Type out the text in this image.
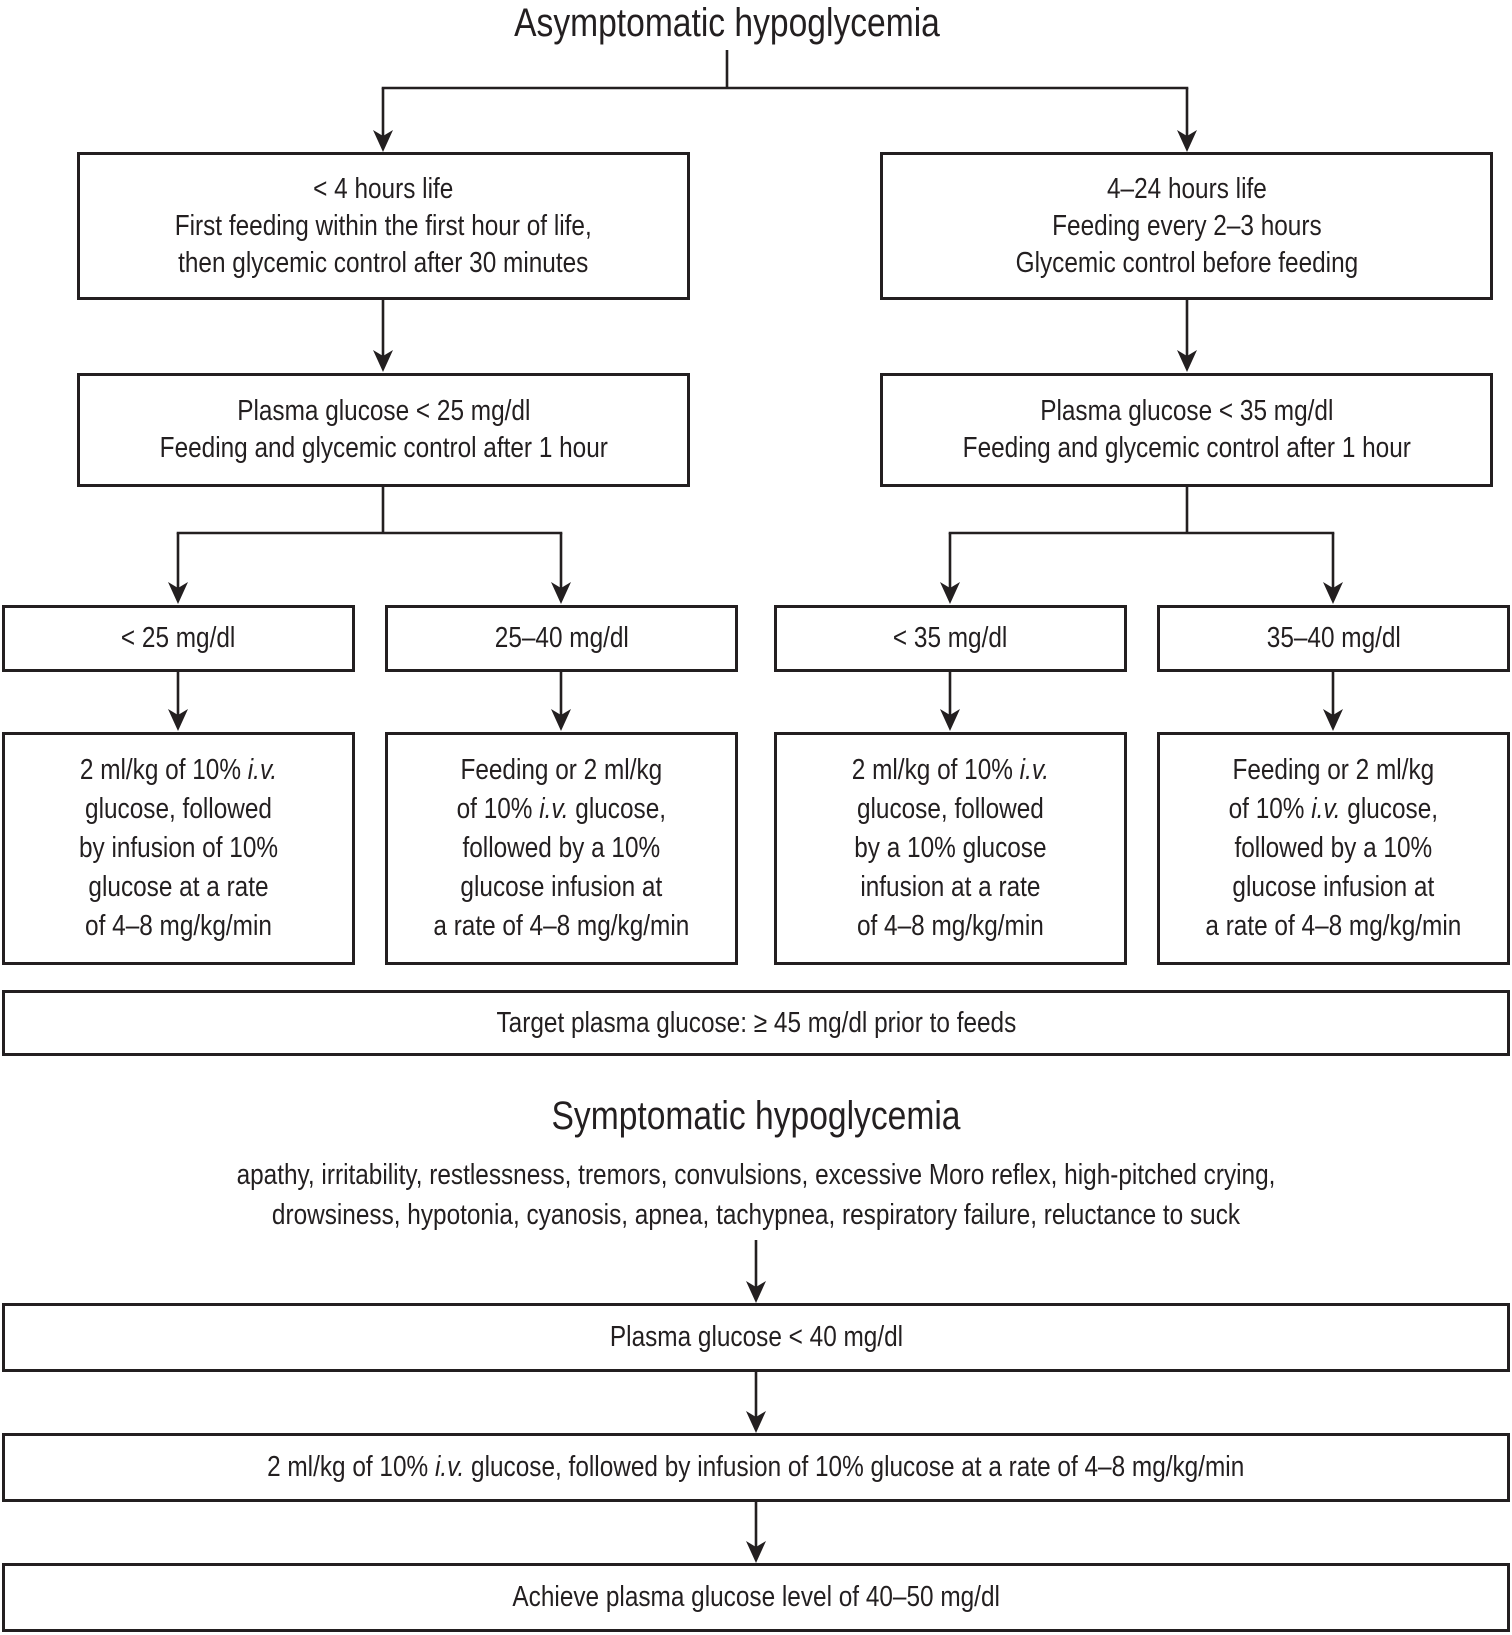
Asymptomatic hypoglycemia
< 4 hours life
First feeding within the first hour of life,
then glycemic control after 30 minutes
4–24 hours life
Feeding every 2–3 hours
Glycemic control before feeding
Plasma glucose < 25 mg/dl
Feeding and glycemic control after 1 hour
Plasma glucose < 35 mg/dl
Feeding and glycemic control after 1 hour
< 25 mg/dl	25–40 mg/dl	< 35 mg/dl	35–40 mg/dl
2 ml/kg of 10% i.v.
glucose, followed
by infusion of 10%
glucose at a rate
of 4–8 mg/kg/min
Feeding or 2 ml/kg
of 10% i.v. glucose,
followed by a 10%
glucose infusion at
a rate of 4–8 mg/kg/min
2 ml/kg of 10% i.v.
glucose, followed
by a 10% glucose
infusion at a rate
of 4–8 mg/kg/min
Feeding or 2 ml/kg
of 10% i.v. glucose,
followed by a 10%
glucose infusion at
a rate of 4–8 mg/kg/min
Target plasma glucose: ≥ 45 mg/dl prior to feeds
Symptomatic hypoglycemia
apathy, irritability, restlessness, tremors, convulsions, excessive Moro reflex, high-pitched crying,
drowsiness, hypotonia, cyanosis, apnea, tachypnea, respiratory failure, reluctance to suck
Plasma glucose < 40 mg/dl
2 ml/kg of 10% i.v. glucose, followed by infusion of 10% glucose at a rate of 4–8 mg/kg/min
Achieve plasma glucose level of 40–50 mg/dl
